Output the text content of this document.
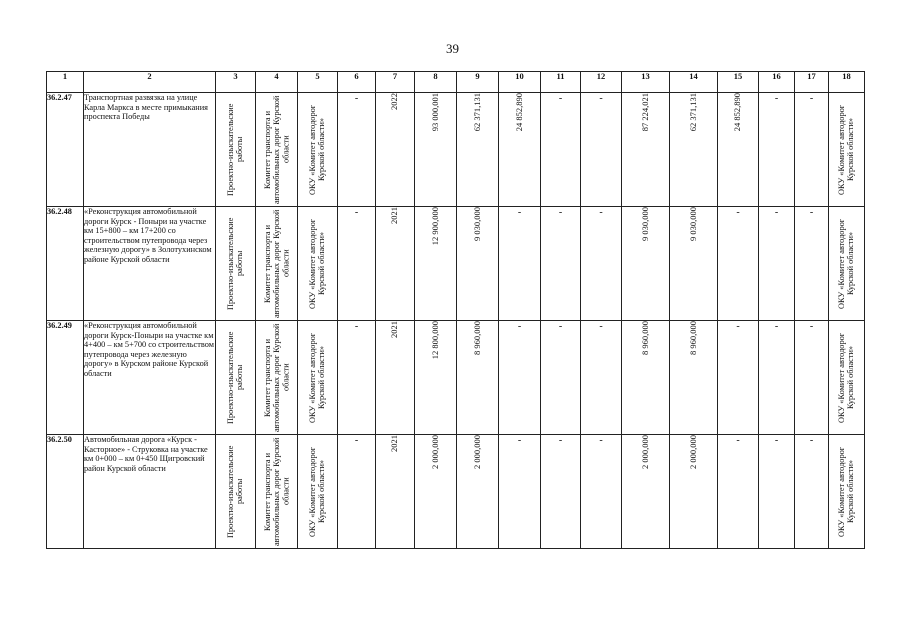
39
1	2	3	4	5	6	7	8	9	10	11	12	13	14	15	16	17	18
36.2.47	Транспортная развязка на улице Карла Маркса в месте примыкания проспекта Победы	Проектно-изыскательские работы	Комитет транспорта и автомобильных дорог Курской области	ОКУ «Комитет автодорог Курской области»	-	2022	93 000,001	62 371,131	24 852,890	-	-	87 224,021	62 371,131	24 852,890	-	-	ОКУ «Комитет автодорог Курской области»

36.2.48	«Реконструкция автомобильной дороги Курск - Поныри на участке км 15+800 – км 17+200 со строительством путепровода через железную дорогу» в Золотухинском районе Курской области	Проектно-изыскательские работы	Комитет транспорта и автомобильных дорог Курской области	ОКУ «Комитет автодорог Курской области»	-	2021	12 900,000	9 030,000	-	-	-	9 030,000	9 030,000	-	-	-	ОКУ «Комитет автодорог Курской области»

36.2.49	«Реконструкция автомобильной дороги Курск-Поныри на участке км 4+400 – км 5+700 со строительством путепровода через железную дорогу» в Курском районе Курской области	Проектно-изыскательские работы	Комитет транспорта и автомобильных дорог Курской области	ОКУ «Комитет автодорог Курской области»	-	2021	12 800,000	8 960,000	-	-	-	8 960,000	8 960,000	-	-	-	ОКУ «Комитет автодорог Курской области»

36.2.50	Автомобильная дорога «Курск - Касторное» - Струковка на участке км 0+000 – км 0+450 Щигровский район Курской области	Проектно-изыскательские работы	Комитет транспорта и автомобильных дорог Курской области	ОКУ «Комитет автодорог Курской области»	-	2021	2 000,000	2 000,000	-	-	-	2 000,000	2 000,000	-	-	-	ОКУ «Комитет автодорог Курской области»
